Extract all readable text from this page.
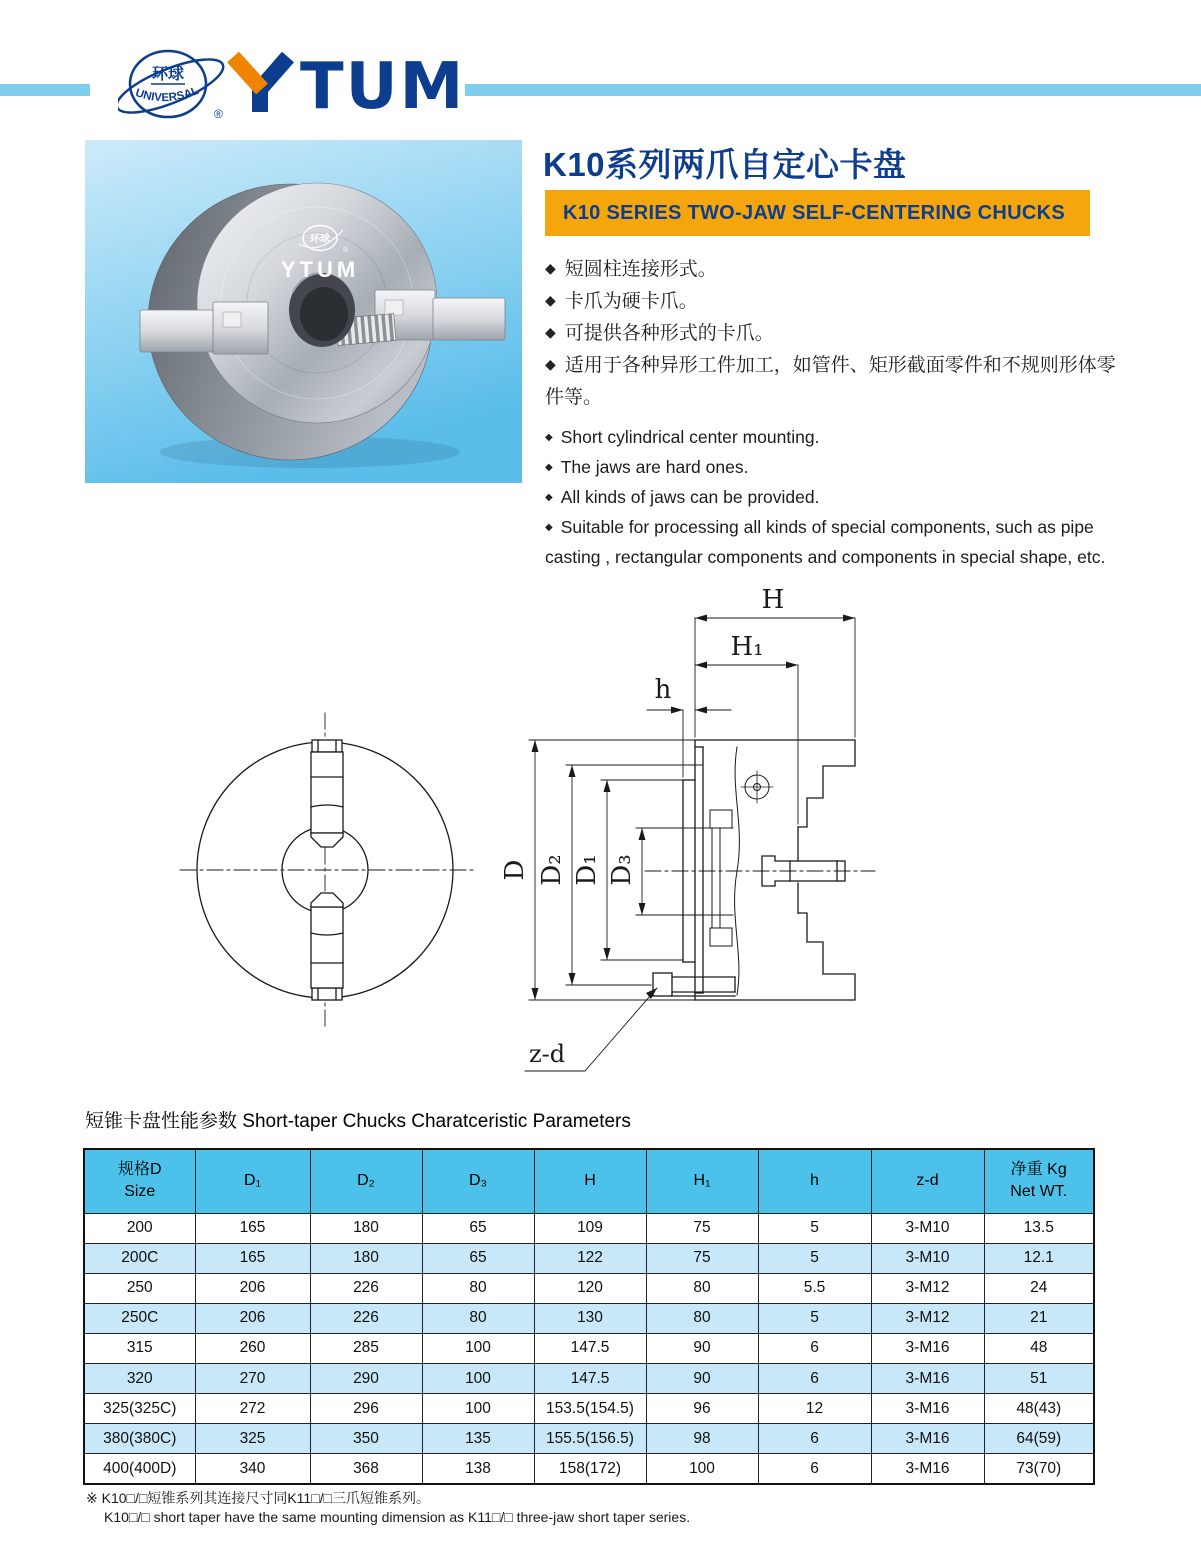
环球
UNIVERSAL
® TUM
环球
®
YTUM
K10系列两爪自定心卡盘
K10 SERIES TWO-JAW SELF-CENTERING CHUCKS
◆ 短圆柱连接形式。
◆ 卡爪为硬卡爪。
◆ 可提供各种形式的卡爪。
◆ 适用于各种异形工件加工，如管件、矩形截面零件和不规则形体零件等。
◆ Short cylindrical center mounting.
◆ The jaws are hard ones.
◆ All kinds of jaws can be provided.
◆ Suitable for processing all kinds of special components, such as pipe casting , rectangular components and components in special shape, etc.
H
H₁
h
D D₂ D₁ D₃
z-d
短锥卡盘性能参数 Short-taper Chucks Charatceristic Parameters
规格D
Size	D₁	D₂	D₃	H	H₁	h	z-d	净重 Kg
Net WT.
200	165	180	65	109	75	5	3-M10	13.5
200C	165	180	65	122	75	5	3-M10	12.1
250	206	226	80	120	80	5.5	3-M12	24
250C	206	226	80	130	80	5	3-M12	21
315	260	285	100	147.5	90	6	3-M16	48
320	270	290	100	147.5	90	6	3-M16	51
325(325C)	272	296	100	153.5(154.5)	96	12	3-M16	48(43)
380(380C)	325	350	135	155.5(156.5)	98	6	3-M16	64(59)
400(400D)	340	368	138	158(172)	100	6	3-M16	73(70)
※ K10□/□短锥系列其连接尺寸同K11□/□三爪短锥系列。
K10□/□ short taper have the same mounting dimension as K11□/□ three-jaw short taper series.
